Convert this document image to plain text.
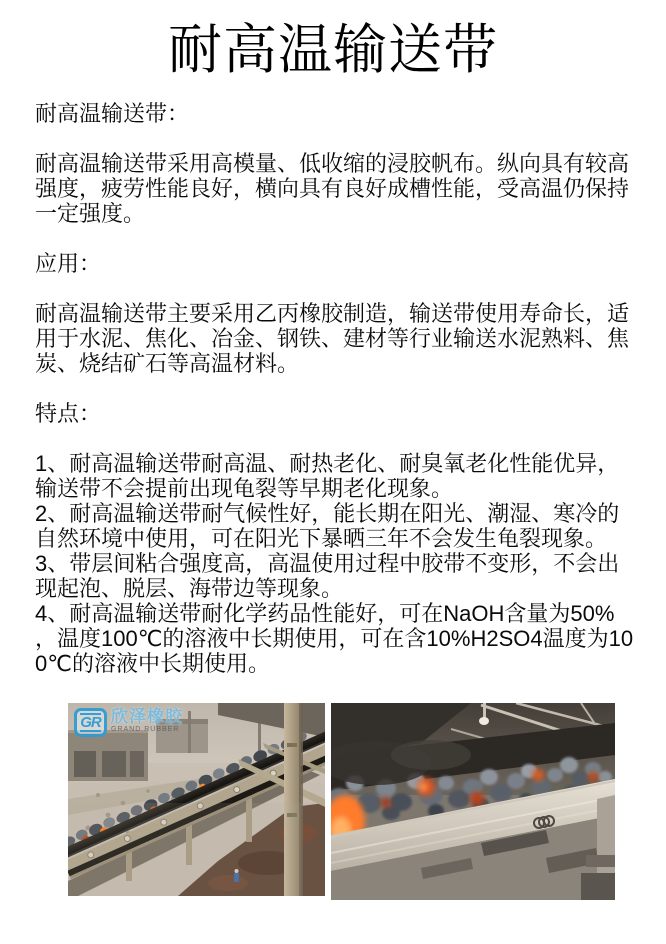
耐高温输送带

耐高温输送带：

耐高温输送带采用高模量、低收缩的浸胶帆布。纵向具有较高强度，疲劳性能良好，横向具有良好成槽性能，受高温仍保持一定强度。

应用：

耐高温输送带主要采用乙丙橡胶制造，输送带使用寿命长，适用于水泥、焦化、冶金、钢铁、建材等行业输送水泥熟料、焦炭、烧结矿石等高温材料。

特点：

1、耐高温输送带耐高温、耐热老化、耐臭氧老化性能优异，输送带不会提前出现龟裂等早期老化现象。

2、耐高温输送带耐气候性好，能长期在阳光、潮湿、寒冷的自然环境中使用，可在阳光下暴晒三年不会发生龟裂现象。

3、带层间粘合强度高，高温使用过程中胶带不变形，不会出现起泡、脱层、海带边等现象。

4、耐高温输送带耐化学药品性能好，可在NaOH含量为50%，温度100℃的溶液中长期使用，可在含10%H2SO4温度为100℃的溶液中长期使用。

GR 欣泽橡胶
GRAND RUBBER
